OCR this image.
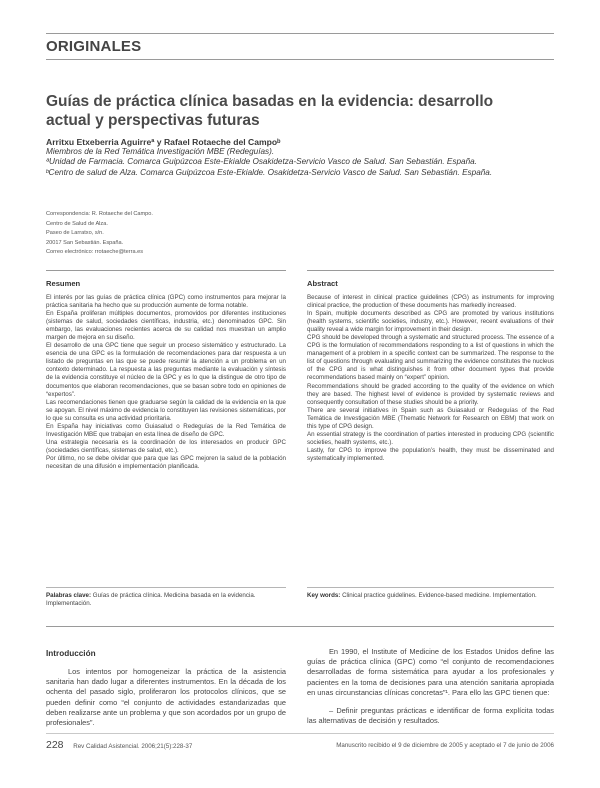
ORIGINALES
Guías de práctica clínica basadas en la evidencia: desarrollo actual y perspectivas futuras
Arritxu Etxeberria Aguirreª y Rafael Rotaeche del Campoᵇ
Miembros de la Red Temática Investigación MBE (Redeguías).
ªUnidad de Farmacia. Comarca Guipúzcoa Este-Ekialde Osakidetza-Servicio Vasco de Salud. San Sebastián. España.
ᵇCentro de salud de Alza. Comarca Guipúzcoa Este-Ekialde. Osakidetza-Servicio Vasco de Salud. San Sebastián. España.
Correspondencia: R. Rotaeche del Campo.
Centro de Salud de Alza.
Paseo de Larratxo, s/n.
20017 San Sebastián. España.
Correo electrónico: rrotaeche@terra.es
Resumen

El interés por las guías de práctica clínica (GPC) como instrumentos para mejorar la práctica sanitaria ha hecho que su producción aumente de forma notable.

En España proliferan múltiples documentos, promovidos por diferentes instituciones (sistemas de salud, sociedades científicas, industria, etc.) denominados GPC. Sin embargo, las evaluaciones recientes acerca de su calidad nos muestran un amplio margen de mejora en su diseño.

El desarrollo de una GPC tiene que seguir un proceso sistemático y estructurado. La esencia de una GPC es la formulación de recomendaciones para dar respuesta a un listado de preguntas en las que se puede resumir la atención a un problema en un contexto determinado. La respuesta a las preguntas mediante la evaluación y síntesis de la evidencia constituye el núcleo de la GPC y es lo que la distingue de otro tipo de documentos que elaboran recomendaciones, que se basan sobre todo en opiniones de “expertos”.

Las recomendaciones tienen que graduarse según la calidad de la evidencia en la que se apoyan. El nivel máximo de evidencia lo constituyen las revisiones sistemáticas, por lo que su consulta es una actividad prioritaria.

En España hay iniciativas como Guiasalud o Redeguías de la Red Temática de Investigación MBE que trabajan en esta línea de diseño de GPC.

Una estrategia necesaria es la coordinación de los interesados en producir GPC (sociedades científicas, sistemas de salud, etc.).

Por último, no se debe olvidar que para que las GPC mejoren la salud de la población necesitan de una difusión e implementación planificada.

Palabras clave: Guías de práctica clínica. Medicina basada en la evidencia. Implementación.
Abstract

Because of interest in clinical practice guidelines (CPG) as instruments for improving clinical practice, the production of these documents has markedly increased.

In Spain, multiple documents described as CPG are promoted by various institutions (health systems, scientific societies, industry, etc.). However, recent evaluations of their quality reveal a wide margin for improvement in their design.

CPG should be developed through a systematic and structured process. The essence of a CPG is the formulation of recommendations responding to a list of questions in which the management of a problem in a specific context can be summarized. The response to the list of questions through evaluating and summarizing the evidence constitutes the nucleus of the CPG and is what distinguishes it from other document types that provide recommendations based mainly on “expert” opinion.

Recommendations should be graded according to the quality of the evidence on which they are based. The highest level of evidence is provided by systematic reviews and consequently consultation of these studies should be a priority.

There are several initiatives in Spain such as Guiasalud or Redeguías of the Red Temática de Investigación MBE (Thematic Network for Research on EBM) that work on this type of CPG design.

An essential strategy is the coordination of parties interested in producing CPG (scientific societies, health systems, etc.).

Lastly, for CPG to improve the population’s health, they must be disseminated and systematically implemented.

Key words: Clinical practice guidelines. Evidence-based medicine. Implementation.
Introducción

Los intentos por homogeneizar la práctica de la asistencia sanitaria han dado lugar a diferentes instrumentos. En la década de los ochenta del pasado siglo, proliferaron los protocolos clínicos, que se pueden definir como “el conjunto de actividades estandarizadas que deben realizarse ante un problema y que son acordados por un grupo de profesionales”.

En 1990, el Institute of Medicine de los Estados Unidos define las guías de práctica clínica (GPC) como “el conjunto de recomendaciones desarrolladas de forma sistemática para ayudar a los profesionales y pacientes en la toma de decisiones para una atención sanitaria apropiada en unas circunstancias clínicas concretas”¹. Para ello las GPC tienen que:

– Definir preguntas prácticas e identificar de forma explícita todas las alternativas de decisión y resultados.

228 Rev Calidad Asistencial. 2006;21(5):228-37	Manuscrito recibido el 9 de diciembre de 2005 y aceptado el 7 de junio de 2006
